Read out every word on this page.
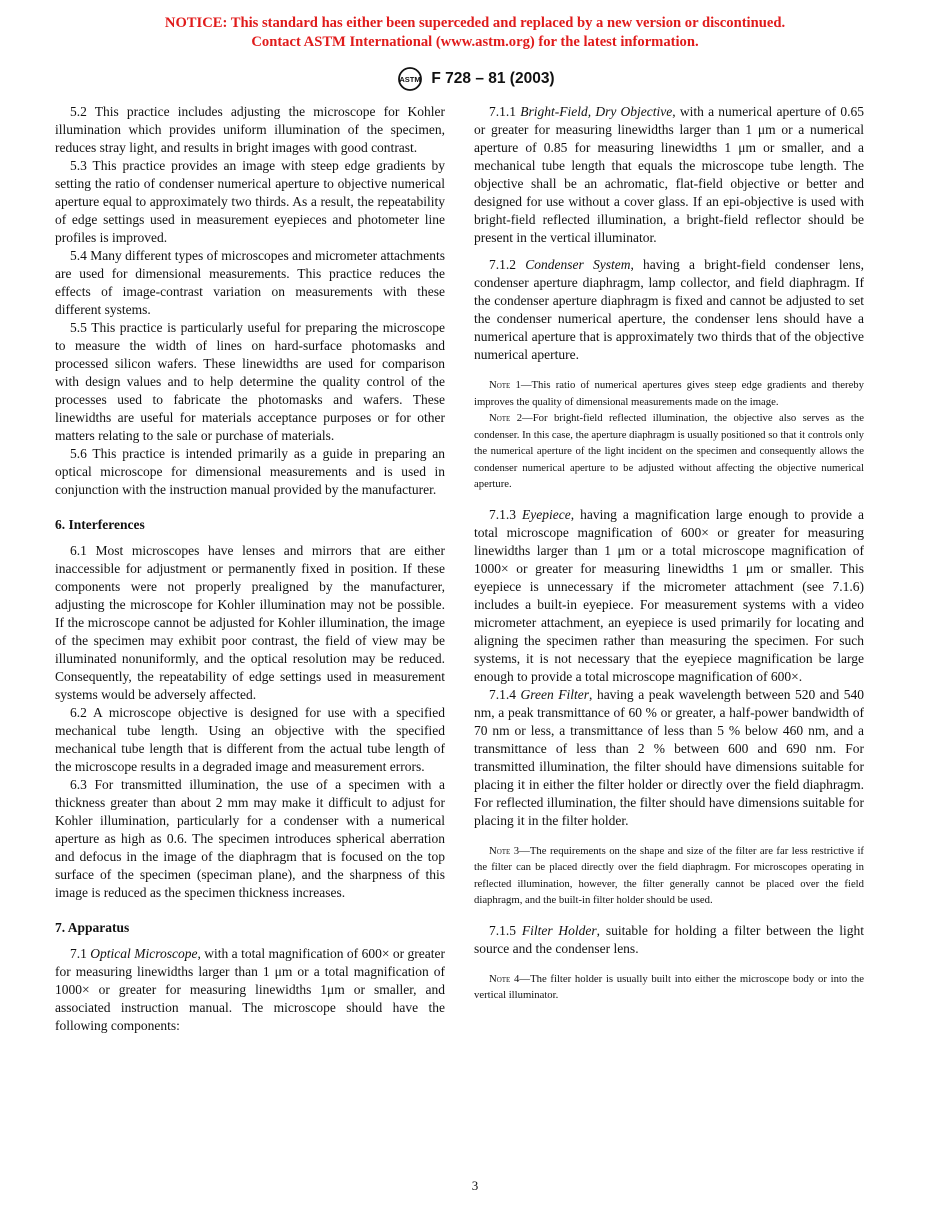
NOTICE: This standard has either been superceded and replaced by a new version or discontinued.
Contact ASTM International (www.astm.org) for the latest information.
ASTM F 728 – 81 (2003)

5.2 This practice includes adjusting the microscope for Kohler illumination which provides uniform illumination of the specimen, reduces stray light, and results in bright images with good contrast.

5.3 This practice provides an image with steep edge gradients by setting the ratio of condenser numerical aperture to objective numerical aperture equal to approximately two thirds. As a result, the repeatability of edge settings used in measurement eyepieces and photometer line profiles is improved.

5.4 Many different types of microscopes and micrometer attachments are used for dimensional measurements. This practice reduces the effects of image-contrast variation on measurements with these different systems.

5.5 This practice is particularly useful for preparing the microscope to measure the width of lines on hard-surface photomasks and processed silicon wafers. These linewidths are used for comparison with design values and to help determine the quality control of the processes used to fabricate the photomasks and wafers. These linewidths are useful for materials acceptance purposes or for other matters relating to the sale or purchase of materials.

5.6 This practice is intended primarily as a guide in preparing an optical microscope for dimensional measurements and is used in conjunction with the instruction manual provided by the manufacturer.

6. Interferences

6.1 Most microscopes have lenses and mirrors that are either inaccessible for adjustment or permanently fixed in position. If these components were not properly prealigned by the manufacturer, adjusting the microscope for Kohler illumination may not be possible. If the microscope cannot be adjusted for Kohler illumination, the image of the specimen may exhibit poor contrast, the field of view may be illuminated nonuniformly, and the optical resolution may be reduced. Consequently, the repeatability of edge settings used in measurement systems would be adversely affected.

6.2 A microscope objective is designed for use with a specified mechanical tube length. Using an objective with the specified mechanical tube length that is different from the actual tube length of the microscope results in a degraded image and measurement errors.

6.3 For transmitted illumination, the use of a specimen with a thickness greater than about 2 mm may make it difficult to adjust for Kohler illumination, particularly for a condenser with a numerical aperture as high as 0.6. The specimen introduces spherical aberration and defocus in the image of the diaphragm that is focused on the top surface of the specimen (speciman plane), and the sharpness of this image is reduced as the specimen thickness increases.

7. Apparatus

7.1 Optical Microscope, with a total magnification of 600× or greater for measuring linewidths larger than 1 μm or a total magnification of 1000× or greater for measuring linewidths 1μm or smaller, and associated instruction manual. The microscope should have the following components:

7.1.1 Bright-Field, Dry Objective, with a numerical aperture of 0.65 or greater for measuring linewidths larger than 1 μm or a numerical aperture of 0.85 for measuring linewidths 1 μm or smaller, and a mechanical tube length that equals the microscope tube length. The objective shall be an achromatic, flat-field objective or better and designed for use without a cover glass. If an epi-objective is used with bright-field reflected illumination, a bright-field reflector should be present in the vertical illuminator.

7.1.2 Condenser System, having a bright-field condenser lens, condenser aperture diaphragm, lamp collector, and field diaphragm. If the condenser aperture diaphragm is fixed and cannot be adjusted to set the condenser numerical aperture, the condenser lens should have a numerical aperture that is approximately two thirds that of the objective numerical aperture.

Note 1—This ratio of numerical apertures gives steep edge gradients and thereby improves the quality of dimensional measurements made on the image.

Note 2—For bright-field reflected illumination, the objective also serves as the condenser. In this case, the aperture diaphragm is usually positioned so that it controls only the numerical aperture of the light incident on the specimen and consequently allows the condenser numerical aperture to be adjusted without affecting the objective numerical aperture.

7.1.3 Eyepiece, having a magnification large enough to provide a total microscope magnification of 600× or greater for measuring linewidths larger than 1 μm or a total microscope magnification of 1000× or greater for measuring linewidths 1 μm or smaller. This eyepiece is unnecessary if the micrometer attachment (see 7.1.6) includes a built-in eyepiece. For measurement systems with a video micrometer attachment, an eyepiece is used primarily for locating and aligning the specimen rather than measuring the specimen. For such systems, it is not necessary that the eyepiece magnification be large enough to provide a total microscope magnification of 600×.

7.1.4 Green Filter, having a peak wavelength between 520 and 540 nm, a peak transmittance of 60 % or greater, a half-power bandwidth of 70 nm or less, a transmittance of less than 5 % below 460 nm, and a transmittance of less than 2 % between 600 and 690 nm. For transmitted illumination, the filter should have dimensions suitable for placing it in either the filter holder or directly over the field diaphragm. For reflected illumination, the filter should have dimensions suitable for placing it in the filter holder.

Note 3—The requirements on the shape and size of the filter are far less restrictive if the filter can be placed directly over the field diaphragm. For microscopes operating in reflected illumination, however, the filter generally cannot be placed over the field diaphragm, and the built-in filter holder should be used.

7.1.5 Filter Holder, suitable for holding a filter between the light source and the condenser lens.

Note 4—The filter holder is usually built into either the microscope body or into the vertical illuminator.

3
